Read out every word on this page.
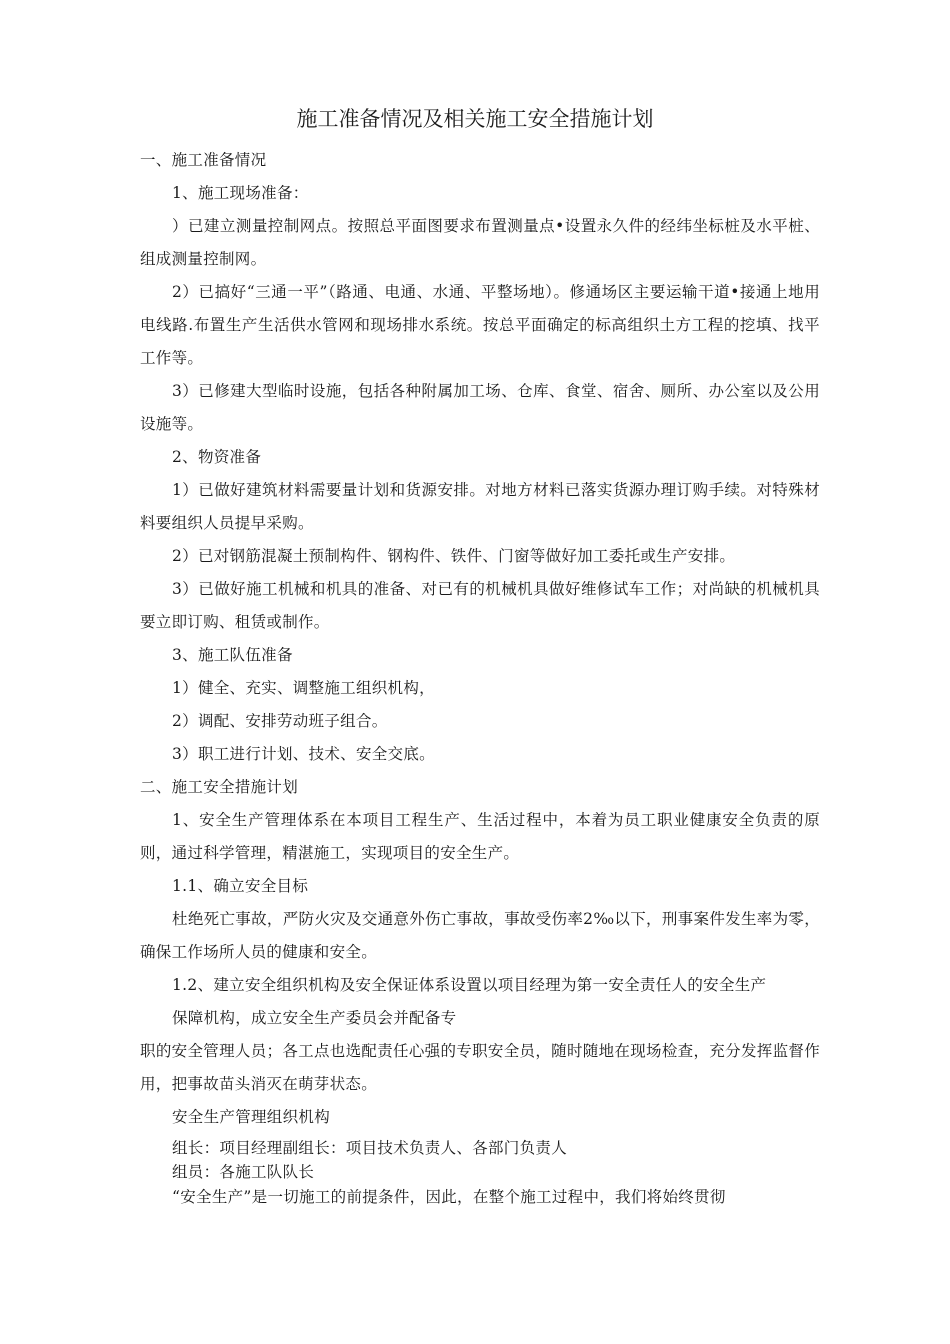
施工准备情况及相关施工安全措施计划
一、施工准备情况
1、施工现场准备：
）已建立测量控制网点。按照总平面图要求布置测量点•设置永久件的经纬坐标桩及水平桩、组成测量控制网。
2）已搞好“三通一平”（路通、电通、水通、平整场地）。修通场区主要运输干道•接通上地用电线路.布置生产生活供水管网和现场排水系统。按总平面确定的标高组织土方工程的挖填、找平工作等。
3）已修建大型临时设施，包括各种附属加工场、仓库、食堂、宿舍、厕所、办公室以及公用设施等。
2、物资准备
1）已做好建筑材料需要量计划和货源安排。对地方材料已落实货源办理订购手续。对特殊材料要组织人员提早采购。
2）已对钢筋混凝土预制构件、钢构件、铁件、门窗等做好加工委托或生产安排。
3）已做好施工机械和机具的准备、对已有的机械机具做好维修试车工作；对尚缺的机械机具要立即订购、租赁或制作。
3、施工队伍准备
1）健全、充实、调整施工组织机构，
2）调配、安排劳动班子组合。
3）职工进行计划、技术、安全交底。
二、施工安全措施计划
1、安全生产管理体系在本项目工程生产、生活过程中，本着为员工职业健康安全负责的原则，通过科学管理，精湛施工，实现项目的安全生产。
1.1、确立安全目标
杜绝死亡事故，严防火灾及交通意外伤亡事故，事故受伤率2‰以下，刑事案件发生率为零，确保工作场所人员的健康和安全。
1.2、建立安全组织机构及安全保证体系设置以项目经理为第一安全责任人的安全生产
保障机构，成立安全生产委员会并配备专
职的安全管理人员；各工点也选配责任心强的专职安全员，随时随地在现场检查，充分发挥监督作用，把事故苗头消灭在萌芽状态。
安全生产管理组织机构
组长：项目经理副组长：项目技术负责人、各部门负责人
组员：各施工队队长
“安全生产”是一切施工的前提条件，因此，在整个施工过程中，我们将始终贯彻
